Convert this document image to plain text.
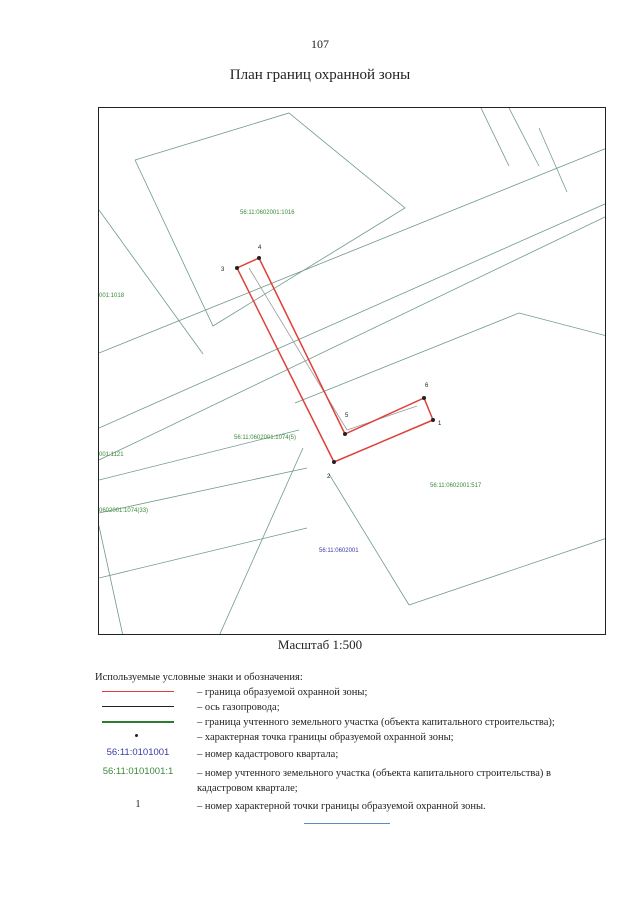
107
План границ охранной зоны
1
2
3
4
5
6
56:11:0602001:1016
001:1018
56:11:0602001:1074(5)
001:1121
0602001:1074(33)
56:11:0602001:517
56:11:0602001
Масштаб 1:500
Используемые условные знаки и обозначения:
– граница образуемой охранной зоны;
– ось газопровода;
– граница учтенного земельного участка (объекта капитального строительства);
– характерная точка границы образуемой охранной зоны;
56:11:0101001	– номер кадастрового квартала;
56:11:0101001:1 – номер учтенного земельного участка (объекта капитального строительства) в кадастровом квартале;
1	– номер характерной точки границы образуемой охранной зоны.
